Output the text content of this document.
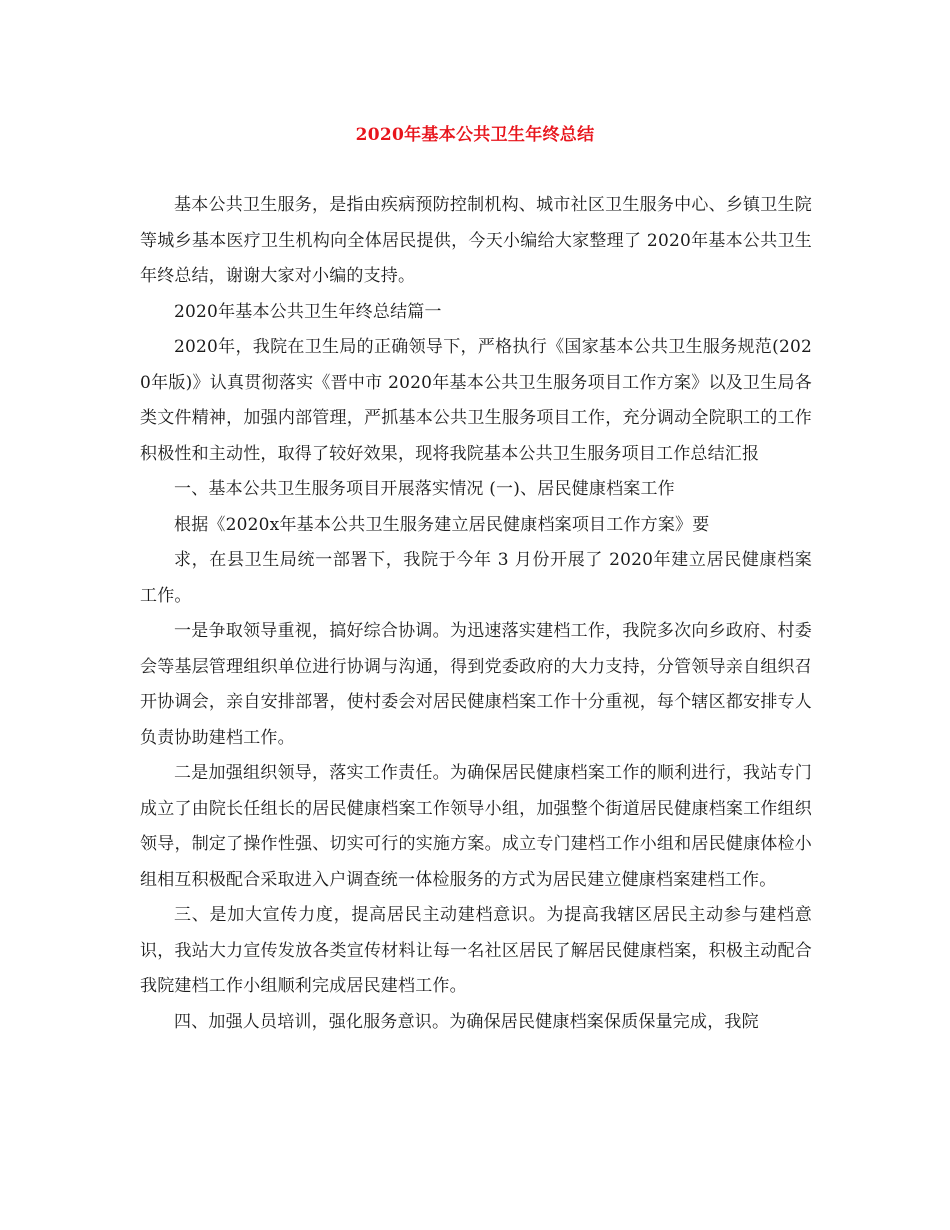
2020年基本公共卫生年终总结

基本公共卫生服务，是指由疾病预防控制机构、城市社区卫生服务中心、乡镇卫生院等城乡基本医疗卫生机构向全体居民提供，今天小编给大家整理了 2020年基本公共卫生年终总结，谢谢大家对小编的支持。

2020年基本公共卫生年终总结篇一

2020年，我院在卫生局的正确领导下，严格执行《国家基本公共卫生服务规范(2020年版)》认真贯彻落实《晋中市 2020年基本公共卫生服务项目工作方案》以及卫生局各类文件精神，加强内部管理，严抓基本公共卫生服务项目工作，充分调动全院职工的工作积极性和主动性，取得了较好效果，现将我院基本公共卫生服务项目工作总结汇报

一、基本公共卫生服务项目开展落实情况 (一)、居民健康档案工作

根据《2020x年基本公共卫生服务建立居民健康档案项目工作方案》要

求，在县卫生局统一部署下，我院于今年 3 月份开展了 2020年建立居民健康档案工作。

一是争取领导重视，搞好综合协调。为迅速落实建档工作，我院多次向乡政府、村委会等基层管理组织单位进行协调与沟通，得到党委政府的大力支持，分管领导亲自组织召开协调会，亲自安排部署，使村委会对居民健康档案工作十分重视，每个辖区都安排专人负责协助建档工作。

二是加强组织领导，落实工作责任。为确保居民健康档案工作的顺利进行，我站专门成立了由院长任组长的居民健康档案工作领导小组，加强整个街道居民健康档案工作组织领导，制定了操作性强、切实可行的实施方案。成立专门建档工作小组和居民健康体检小组相互积极配合采取进入户调查统一体检服务的方式为居民建立健康档案建档工作。

三、是加大宣传力度，提高居民主动建档意识。为提高我辖区居民主动参与建档意识，我站大力宣传发放各类宣传材料让每一名社区居民了解居民健康档案，积极主动配合我院建档工作小组顺利完成居民建档工作。

四、加强人员培训，强化服务意识。为确保居民健康档案保质保量完成，我院
